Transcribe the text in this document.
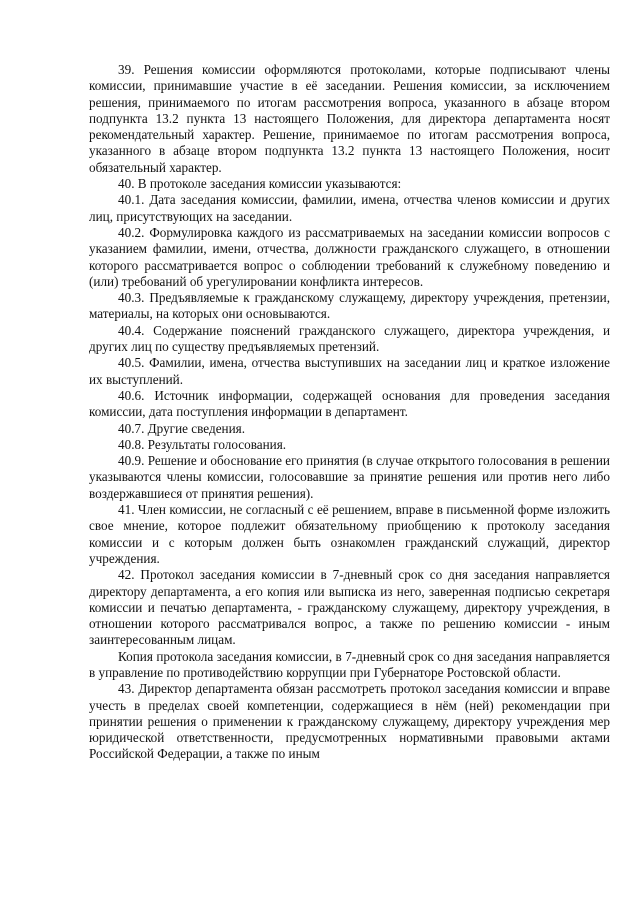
39. Решения комиссии оформляются протоколами, которые подписывают члены комиссии, принимавшие участие в её заседании. Решения комиссии, за исключением решения, принимаемого по итогам рассмотрения вопроса, указанного в абзаце втором подпункта 13.2 пункта 13 настоящего Положения, для директора департамента носят рекомендательный характер. Решение, принимаемое по итогам рассмотрения вопроса, указанного в абзаце втором подпункта 13.2 пункта 13 настоящего Положения, носит обязательный характер.

40. В протоколе заседания комиссии указываются:

40.1. Дата заседания комиссии, фамилии, имена, отчества членов комиссии и других лиц, присутствующих на заседании.

40.2. Формулировка каждого из рассматриваемых на заседании комиссии вопросов с указанием фамилии, имени, отчества, должности гражданского служащего, в отношении которого рассматривается вопрос о соблюдении требований к служебному поведению и (или) требований об урегулировании конфликта интересов.

40.3. Предъявляемые к гражданскому служащему, директору учреждения, претензии, материалы, на которых они основываются.

40.4. Содержание пояснений гражданского служащего, директора учреждения, и других лиц по существу предъявляемых претензий.

40.5. Фамилии, имена, отчества выступивших на заседании лиц и краткое изложение их выступлений.

40.6. Источник информации, содержащей основания для проведения заседания комиссии, дата поступления информации в департамент.

40.7. Другие сведения.

40.8. Результаты голосования.

40.9. Решение и обоснование его принятия (в случае открытого голосования в решении указываются члены комиссии, голосовавшие за принятие решения или против него либо воздержавшиеся от принятия решения).

41. Член комиссии, не согласный с её решением, вправе в письменной форме изложить свое мнение, которое подлежит обязательному приобщению к протоколу заседания комиссии и с которым должен быть ознакомлен гражданский служащий, директор учреждения.

42. Протокол заседания комиссии в 7-дневный срок со дня заседания направляется директору департамента, а его копия или выписка из него, заверенная подписью секретаря комиссии и печатью департамента, - гражданскому служащему, директору учреждения, в отношении которого рассматривался вопрос, а также по решению комиссии - иным заинтересованным лицам.

Копия протокола заседания комиссии, в 7-дневный срок со дня заседания направляется в управление по противодействию коррупции при Губернаторе Ростовской области.

43. Директор департамента обязан рассмотреть протокол заседания комиссии и вправе учесть в пределах своей компетенции, содержащиеся в нём (ней) рекомендации при принятии решения о применении к гражданскому служащему, директору учреждения мер юридической ответственности, предусмотренных нормативными правовыми актами Российской Федерации, а также по иным
